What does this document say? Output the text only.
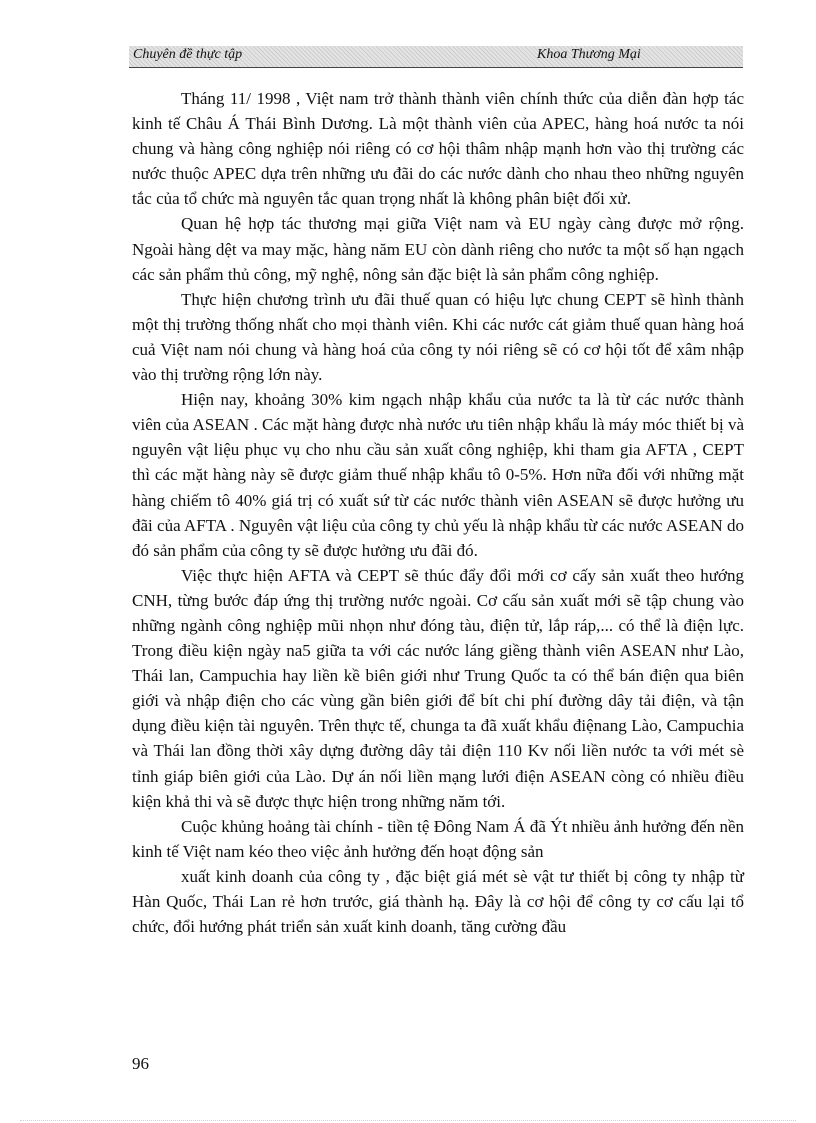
Chuyên đề thực tập	Khoa Thương Mại

Tháng 11/ 1998 , Việt nam trở thành thành viên chính thức của diễn đàn hợp tác kinh tế Châu Á Thái Bình Dương. Là một thành viên của APEC, hàng hoá nước ta nói chung và hàng công nghiệp nói riêng có cơ hội thâm nhập mạnh hơn vào thị trường các nước thuộc APEC dựa trên những ưu đãi do các nước dành cho nhau theo những nguyên tắc của tổ chức mà nguyên tắc quan trọng nhất là không phân biệt đối xử.

Quan hệ hợp tác thương mại giữa Việt nam và EU ngày càng được mở rộng. Ngoài hàng dệt va may mặc, hàng năm EU còn dành riêng cho nước ta một số hạn ngạch các sản phẩm thủ công, mỹ nghệ, nông sản đặc biệt là sản phẩm công nghiệp.

Thực hiện chương trình ưu đãi thuế quan có hiệu lực chung CEPT sẽ hình thành một thị trường thống nhất cho mọi thành viên. Khi các nước cát giảm thuế quan hàng hoá cuả Việt nam nói chung và hàng hoá của công ty nói riêng sẽ có cơ hội tốt để xâm nhập vào thị trường rộng lớn này.

Hiện nay, khoảng 30% kim ngạch nhập khẩu của nước ta là từ các nước thành viên của ASEAN . Các mặt hàng được nhà nước ưu tiên nhập khẩu là máy móc thiết bị và nguyên vật liệu phục vụ cho nhu cầu sản xuất công nghiệp, khi tham gia AFTA , CEPT thì các mặt hàng này sẽ được giảm thuế nhập khẩu tô 0-5%. Hơn nữa đối với những mặt hàng chiếm tô 40% giá trị có xuất sứ từ các nước thành viên ASEAN sẽ được hưởng ưu đãi của AFTA . Nguyên vật liệu của công ty chủ yếu là nhập khẩu từ các nước ASEAN do đó sản phẩm của công ty sẽ được hưởng ưu đãi đó.

Việc thực hiện AFTA và CEPT sẽ thúc đẩy đổi mới cơ cấy sản xuất theo hướng CNH, từng bước đáp ứng thị trường nước ngoài. Cơ cấu sản xuất mới sẽ tập chung vào những ngành công nghiệp mũi nhọn như đóng tàu, điện tử, lắp ráp,... có thể là điện lực. Trong điều kiện ngày na5 giữa ta với các nước láng giềng thành viên ASEAN như Lào, Thái lan, Campuchia hay liền kề biên giới như Trung Quốc ta có thể bán điện qua biên giới và nhập điện cho các vùng gần biên giới để bít chi phí đường dây tải điện, và tận dụng điều kiện tài nguyên. Trên thực tế, chunga ta đã xuất khẩu điệnang Lào, Campuchia và Thái lan đồng thời xây dựng đường dây tải điện 110 Kv nối liền nước ta với mét sè tỉnh giáp biên giới của Lào. Dự án nối liền mạng lưới điện ASEAN còng có nhiều điều kiện khả thi và sẽ được thực hiện trong những năm tới.

Cuộc khủng hoảng tài chính - tiền tệ Đông Nam Á đã Ýt nhiều ảnh hưởng đến nền kinh tế Việt nam kéo theo việc ảnh hưởng đến hoạt động sản

xuất kinh doanh của công ty , đặc biệt giá mét sè vật tư thiết bị công ty nhập từ Hàn Quốc, Thái Lan rẻ hơn trước, giá thành hạ. Đây là cơ hội để công ty cơ cấu lại tổ chức, đổi hướng phát triển sản xuất kinh doanh, tăng cường đầu

96
